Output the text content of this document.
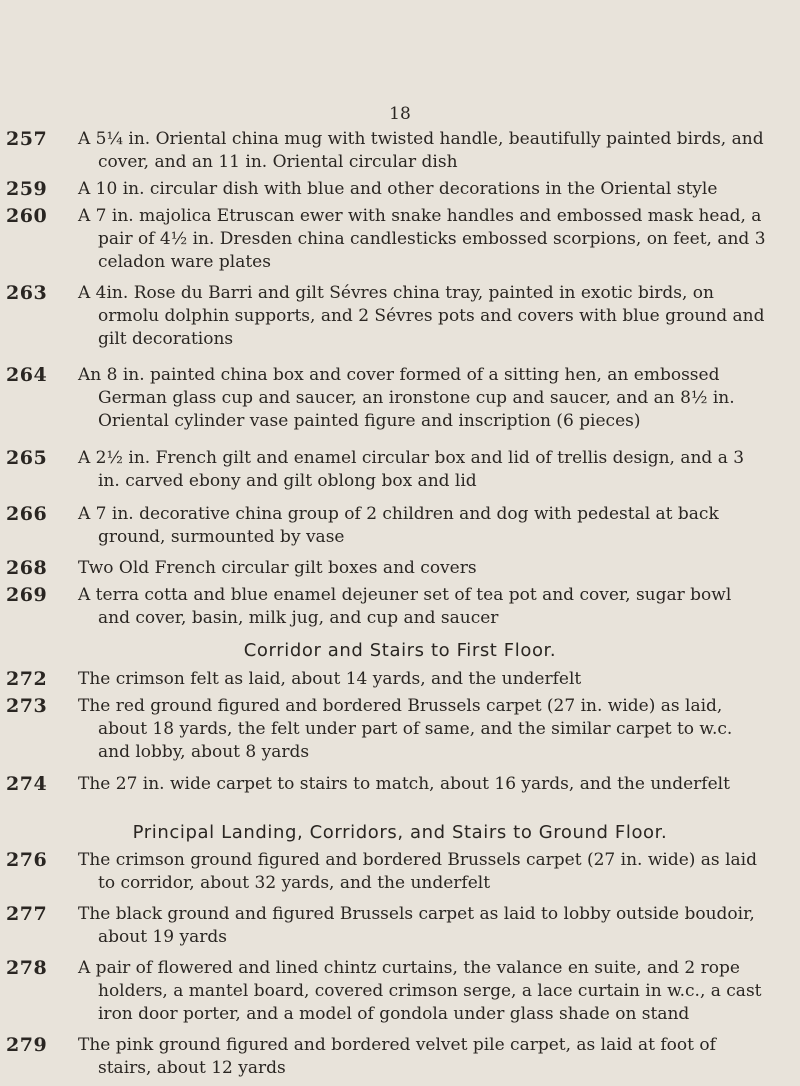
18
257	A 5¼ in. Oriental china mug with twisted handle, beautifully painted birds, and cover, and an 11 in. Oriental circular dish
259	A 10 in. circular dish with blue and other decorations in the Oriental style
260	A 7 in. majolica Etruscan ewer with snake handles and embossed mask head, a pair of 4½ in. Dresden china candlesticks embossed scorpions, on feet, and 3 celadon ware plates
263	A 4in. Rose du Barri and gilt Sévres china tray, painted in exotic birds, on ormolu dolphin supports, and 2 Sévres pots and covers with blue ground and gilt decorations
264	An 8 in. painted china box and cover formed of a sitting hen, an embossed German glass cup and saucer, an ironstone cup and saucer, and an 8½ in. Oriental cylinder vase painted figure and inscription (6 pieces)
265	A 2½ in. French gilt and enamel circular box and lid of trellis design, and a 3 in. carved ebony and gilt oblong box and lid
266	A 7 in. decorative china group of 2 children and dog with pedestal at back ground, surmounted by vase
268	Two Old French circular gilt boxes and covers
269	A terra cotta and blue enamel dejeuner set of tea pot and cover, sugar bowl and cover, basin, milk jug, and cup and saucer
Corridor and Stairs to First Floor.
272	The crimson felt as laid, about 14 yards, and the underfelt
273	The red ground figured and bordered Brussels carpet (27 in. wide) as laid, about 18 yards, the felt under part of same, and the similar carpet to w.c. and lobby, about 8 yards
274	The 27 in. wide carpet to stairs to match, about 16 yards, and the underfelt
Principal Landing, Corridors, and Stairs to Ground Floor.
276	The crimson ground figured and bordered Brussels carpet (27 in. wide) as laid to corridor, about 32 yards, and the underfelt
277	The black ground and figured Brussels carpet as laid to lobby outside boudoir, about 19 yards
278	A pair of flowered and lined chintz curtains, the valance en suite, and 2 rope holders, a mantel board, covered crimson serge, a lace curtain in w.c., a cast iron door porter, and a model of gondola under glass shade on stand
279	The pink ground figured and bordered velvet pile carpet, as laid at foot of stairs, about 12 yards
